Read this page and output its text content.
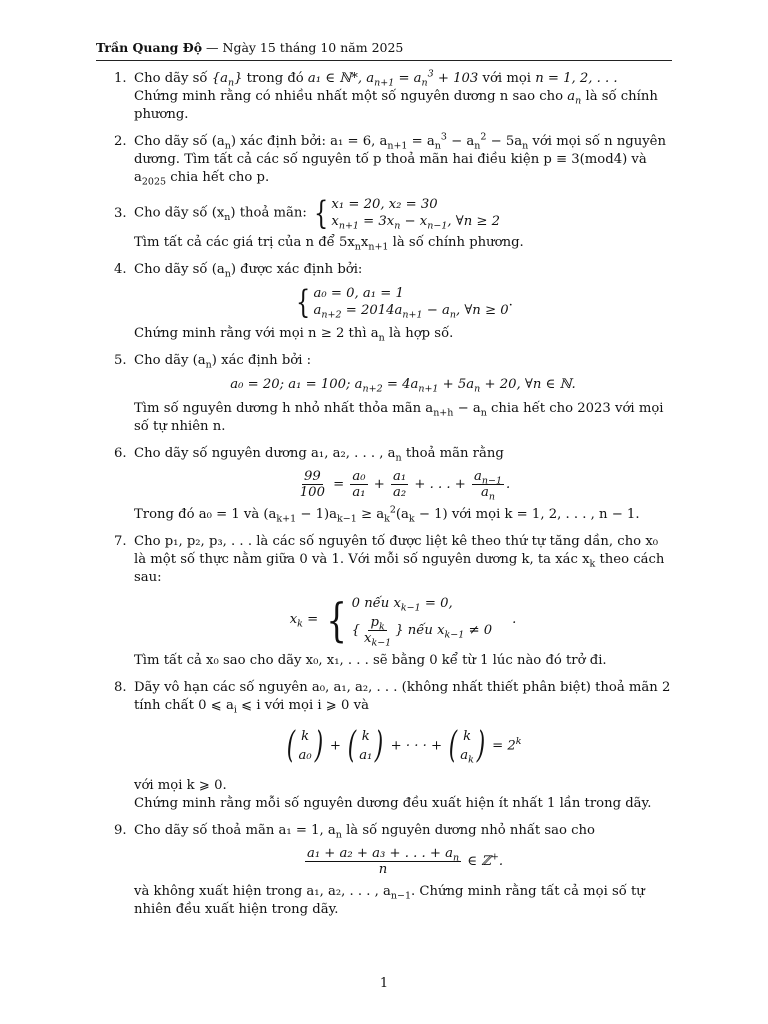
Trần Quang Độ — Ngày 15 tháng 10 năm 2025
1. Cho dãy số $\{a_n\}$ trong đó a₁ ∈ ℕ*, $a_{n+1} = a_n^3 + 103$ với mọi n = 1, 2, . . .
Chứng minh rằng có nhiều nhất một số nguyên dương n sao cho $a_n$ là số chính phương.

2. Cho dãy số $(a_n)$ xác định bởi: a₁ = 6, $a_{n+1} = a_n^3 - a_n^2 - 5a_n$ với mọi số n nguyên dương. Tìm tất cả các số nguyên tố p thoả mãn hai điều kiện p ≡ 3(mod4) và $a_{2025}$ chia hết cho p.

3. Cho dãy số $(x_n)$ thoả mãn: { x₁ = 20, x₂ = 30
$x_{n+1} = 3x_n - x_{n-1}$, ∀n ≥ 2

Tìm tất cả các giá trị của n để $5x_nx_{n+1}$ là số chính phương.

4. Cho dãy số $(a_n)$ được xác định bởi:

{ a₀ = 0, a₁ = 1
$a_{n+2} = 2014a_{n+1} - a_n$, ∀n ≥ 0
.

Chứng minh rằng với mọi n ≥ 2 thì $a_n$ là hợp số.

5. Cho dãy $(a_n)$ xác định bởi :

a₀ = 20; a₁ = 100; $a_{n+2} = 4a_{n+1} + 5a_n + 20$, ∀n ∈ ℕ.

Tìm số nguyên dương h nhỏ nhất thỏa mãn $a_{n+h} - a_n$ chia hết cho 2023 với mọi số tự nhiên n.

6. Cho dãy số nguyên dương a₁, a₂, . . . , $a_n$ thoả mãn rằng

$\frac{99}{100} = \frac{\text{a₀}}{\text{a₁}} + \frac{\text{a₁}}{\text{a₂}}$ + . . . + $\frac{a_{n-1}}{a_n}$ .

Trong đó a₀ = 1 và $(a_{k+1} - 1)a_{k-1} \ge a_k^2(a_k - 1)$ với mọi k = 1, 2, . . . , n − 1.

7. Cho p₁, p₂, p₃, . . . là các số nguyên tố được liệt kê theo thứ tự tăng dần, cho x₀ là một số thực nằm giữa 0 và 1. Với mỗi số nguyên dương k, ta xác $x_k$ theo cách sau:

$x_k$ = { 0 nếu $x_{k-1} = 0$,
{ $\frac{p_k}{x_{k-1}}$ } nếu $x_{k-1} \ne 0$
.

Tìm tất cả x₀ sao cho dãy x₀, x₁, . . . sẽ bằng 0 kể từ 1 lúc nào đó trở đi.

8. Dãy vô hạn các số nguyên a₀, a₁, a₂, . . . (không nhất thiết phân biệt) thoả mãn 2 tính chất 0 ⩽ $a_i$ ⩽ i với mọi i ⩾ 0 và

( k
a₀ ) + ( k
a₁ ) + · · · + ( k
$a_k$ ) = $2^k$

với mọi k ⩾ 0.

Chứng minh rằng mỗi số nguyên dương đều xuất hiện ít nhất 1 lần trong dãy.

9. Cho dãy số thoả mãn a₁ = 1, $a_n$ là số nguyên dương nhỏ nhất sao cho

$\frac{a_1 + a_2 + a_3 + . . . + a_n}{n}$ ∈ ℤ+.

và không xuất hiện trong a₁, a₂, . . . , $a_{n-1}$. Chứng minh rằng tất cả mọi số tự nhiên đều xuất hiện trong dãy.

1
